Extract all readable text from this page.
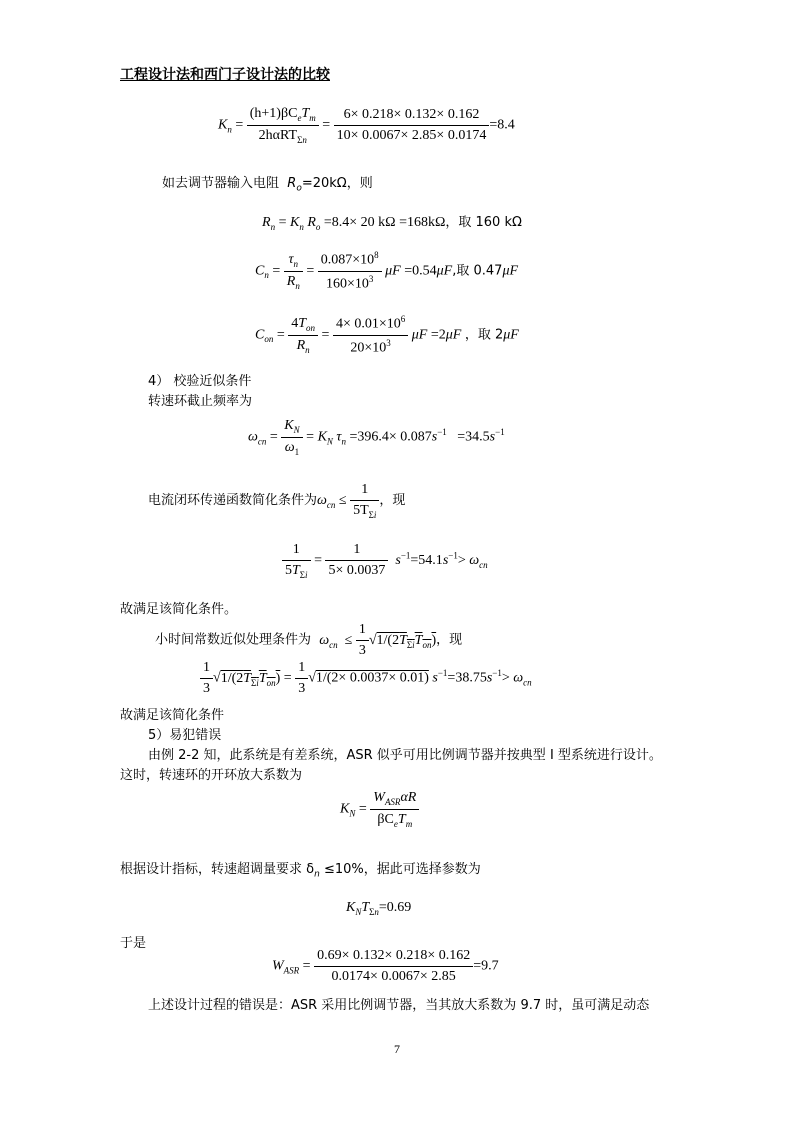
工程设计法和西门子设计法的比较
$K_n = \frac{(h+1)\beta C_eT_m}{2h\alpha RT_{\Sigma n}} = \frac{6\times 0.218\times 0.132\times 0.162}{10\times 0.0067\times 2.85\times 0.0174} =8.4$
如去调节器输入电阻 $R_o=20k\Omega$，则
$R_n = K_n$ $R_o =8.4\times 20$ kΩ =168kΩ，取 160 kΩ
$C_n = \frac{\tau_n}{R_n} = \frac{0.087\times 10^8}{160\times 10^3}$ μF =0.54μF,取 0.47μF
$C_{on} = \frac{4T_{on}}{R_n} = \frac{4\times 0.01\times 10^6}{20\times 10^3}$ μF =2μF ，取 2μF
4） 校验近似条件
转速环截止频率为
$\omega_{cn} = \frac{K_N}{\omega_1} = K_N$ $\tau_n =396.4\times 0.087s^{-1} =34.5s^{-1}$
电流闭环传递函数简化条件为$\omega_{cn} \le \frac{1}{5T_{\Sigma i}}$ ，现
$\frac{1}{5T_{\Sigma i}} = \frac{1}{5\times 0.0037} s^{-1}=54.1s^{-1}> \omega_{cn}$
故满足该简化条件。
小时间常数近似处理条件为 $\omega_{cn} \le \frac{1}{3} √1/(2T_{\Sigma i}T_{on})$，现
$\frac{1}{3} √1/(2T_{\Sigma i}T_{on}) = \frac{1}{3} √1/(2\times 0.0037\times 0.01)$ $s^{-1}=38.75s^{-1}> \omega_{cn}$
故满足该简化条件
5）易犯错误
由例 2-2 知，此系统是有差系统，ASR 似乎可用比例调节器并按典型 I 型系统进行设计。
这时，转速环的开环放大系数为
$K_N = \frac{W_{ASR}\alpha R}{\beta C_eT_m}$
根据设计指标，转速超调量要求 $\delta_n \le 10\%$，据此可选择参数为
$K_NT_{\Sigma n}=0.69$
于是
$W_{ASR} = \frac{0.69\times 0.132\times 0.218\times 0.162}{0.0174\times 0.0067\times 2.85} =9.7$
上述设计过程的错误是：ASR 采用比例调节器，当其放大系数为 9.7 时，虽可满足动态
7
